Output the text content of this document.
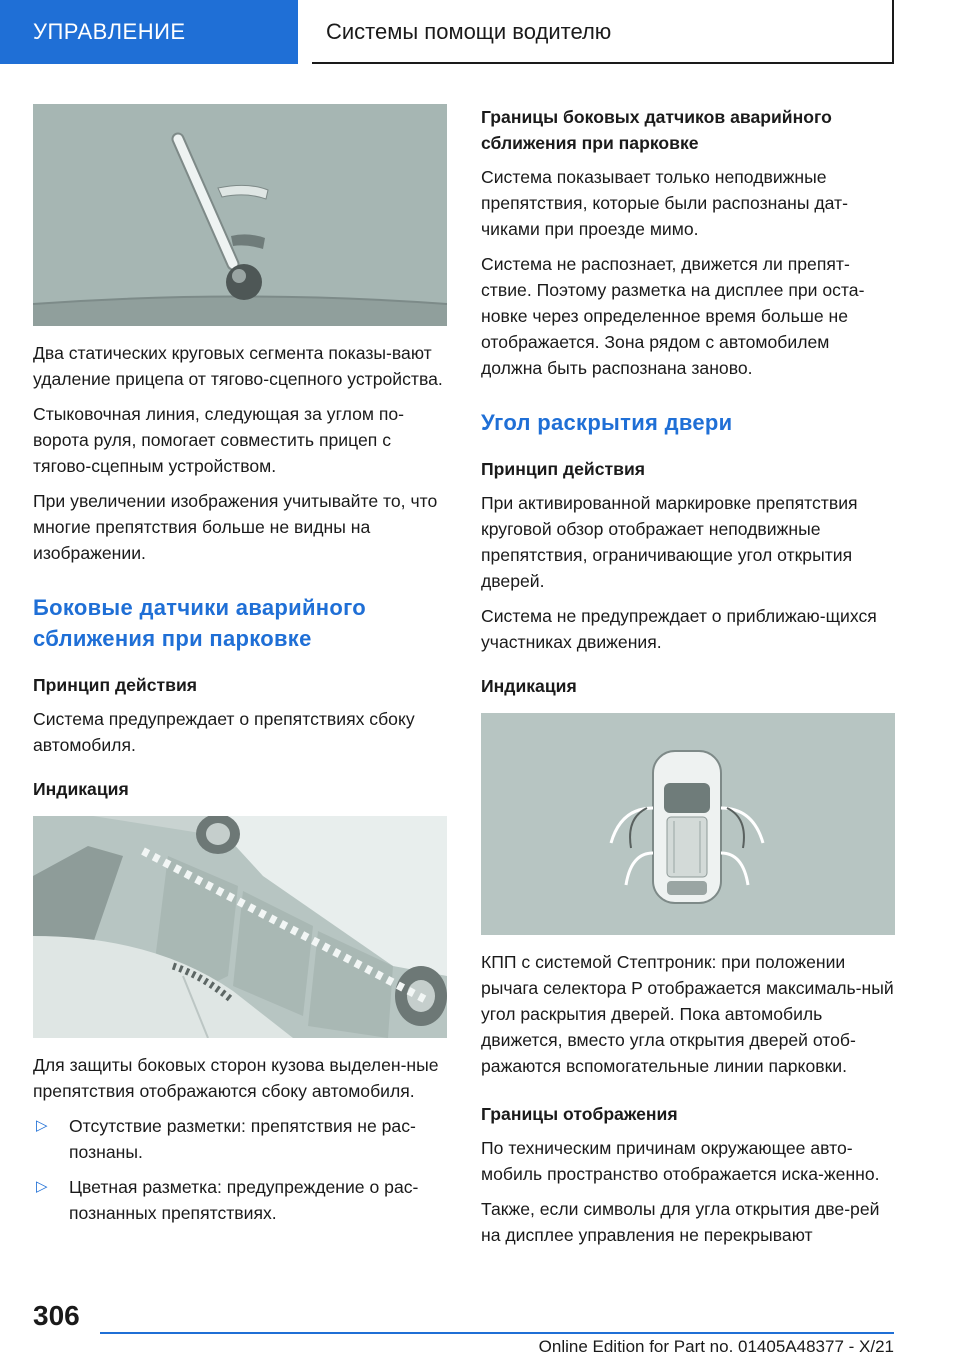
УПРАВЛЕНИЕ	Системы помощи водителю

Два статических круговых сегмента показы-вают удаление прицепа от тягово-сцепного устройства.

Стыковочная линия, следующая за углом по-ворота руля, помогает совместить прицеп с тягово-сцепным устройством.

При увеличении изображения учитывайте то, что многие препятствия больше не видны на изображении.

Боковые датчики аварийного сближения при парковке
Принцип действия

Система предупреждает о препятствиях сбоку автомобиля.

Индикация

Для защиты боковых сторон кузова выделен-ные препятствия отображаются сбоку автомобиля.

▷ Отсутствие разметки: препятствия не рас-познаны.
▷ Цветная разметка: предупреждение о рас-познанных препятствиях.
Границы боковых датчиков аварийного сближения при парковке

Система показывает только неподвижные препятствия, которые были распознаны дат-чиками при проезде мимо.

Система не распознает, движется ли препят-ствие. Поэтому разметка на дисплее при оста-новке через определенное время больше не отображается. Зона рядом с автомобилем должна быть распознана заново.

Угол раскрытия двери
Принцип действия

При активированной маркировке препятствия круговой обзор отображает неподвижные препятствия, ограничивающие угол открытия дверей.

Система не предупреждает о приближаю-щихся участниках движения.

Индикация

КПП с системой Стептроник: при положении рычага селектора P отображается максималь-ный угол раскрытия дверей. Пока автомобиль движется, вместо угла открытия дверей отоб-ражаются вспомогательные линии парковки.

Границы отображения

По техническим причинам окружающее авто-мобиль пространство отображается иска-женно.

Также, если символы для угла открытия две-рей на дисплее управления не перекрывают

306
Online Edition for Part no. 01405A48377 - X/21
